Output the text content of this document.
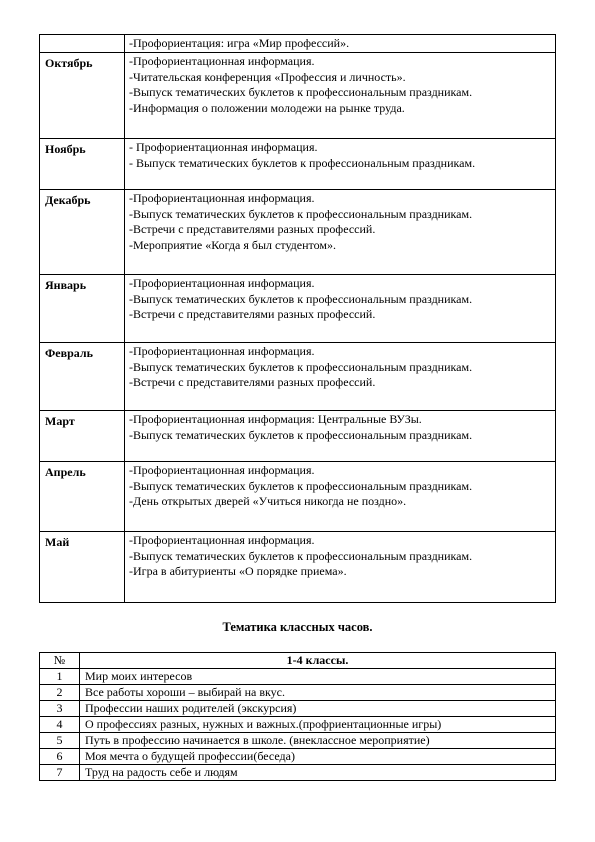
	-Профориентация: игра «Мир профессий».

Октябрь	-Профориентационная информация.
-Читательская конференция «Профессия и личность».
-Выпуск тематических буклетов к профессиональным праздникам.
-Информация о положении молодежи на рынке труда.

Ноябрь	- Профориентационная информация.
- Выпуск тематических буклетов к профессиональным праздникам.

Декабрь	-Профориентационная информация.
-Выпуск тематических буклетов к профессиональным праздникам.
-Встречи с представителями разных профессий.
-Мероприятие «Когда я был студентом».

Январь	-Профориентационная информация.
-Выпуск тематических буклетов к профессиональным праздникам.
-Встречи с представителями разных профессий.

Февраль	-Профориентационная информация.
-Выпуск тематических буклетов к профессиональным праздникам.
-Встречи с представителями разных профессий.

Март	-Профориентационная информация: Центральные ВУЗы.
-Выпуск тематических буклетов к профессиональным праздникам.

Апрель	-Профориентационная информация.
-Выпуск тематических буклетов к профессиональным праздникам.
-День открытых дверей «Учиться никогда не поздно».

Май	-Профориентационная информация.
-Выпуск тематических буклетов к профессиональным праздникам.
-Игра в абитуриенты «О порядке приема».
Тематика классных часов.
№	1-4 классы.
1	Мир моих интересов
2	Все работы хороши – выбирай на вкус.
3	Профессии наших родителей (экскурсия)
4	О профессиях разных, нужных и важных.(профриентационные игры)
5	Путь в профессию начинается в школе. (внеклассное мероприятие)
6	Моя мечта о будущей профессии(беседа)
7	Труд на радость себе и людям
